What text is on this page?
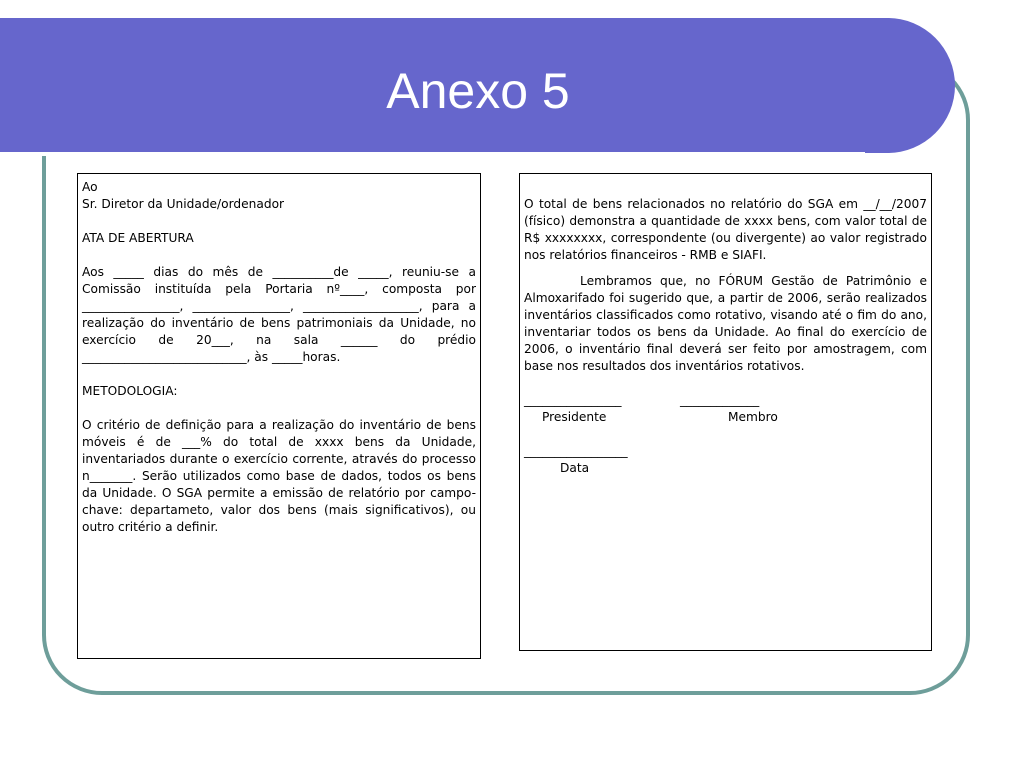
Anexo 5

Ao

Sr. Diretor da Unidade/ordenador

ATA DE ABERTURA

Aos _____ dias do mês de __________de _____, reuniu-se a Comissão instituída pela Portaria nº____, composta por ________________, ________________, ___________________, para a realização do inventário de bens patrimoniais da Unidade, no exercício de 20___, na sala ______ do prédio ___________________________, às _____horas.

METODOLOGIA:

O critério de definição para a realização do inventário de bens móveis é de ___% do total de xxxx bens da Unidade, inventariados durante o exercício corrente, através do processo n_______. Serão utilizados como base de dados, todos os bens da Unidade. O SGA permite a emissão de relatório por campo-chave: departameto, valor dos bens (mais significativos), ou outro critério a definir.

O total de bens relacionados no relatório do SGA em __/__/2007 (físico) demonstra a quantidade de xxxx bens, com valor total de R$ xxxxxxxx, correspondente (ou divergente) ao valor registrado nos relatórios financeiros - RMB e SIAFI.

Lembramos que, no FÓRUM Gestão de Patrimônio e Almoxarifado foi sugerido que, a partir de 2006, serão realizados inventários classificados como rotativo, visando até o fim do ano, inventariar todos os bens da Unidade. Ao final do exercício de 2006, o inventário final deverá ser feito por amostragem, com base nos resultados dos inventários rotativos.

________________

	_____________

Presidente

	Membro

_________________

Data
